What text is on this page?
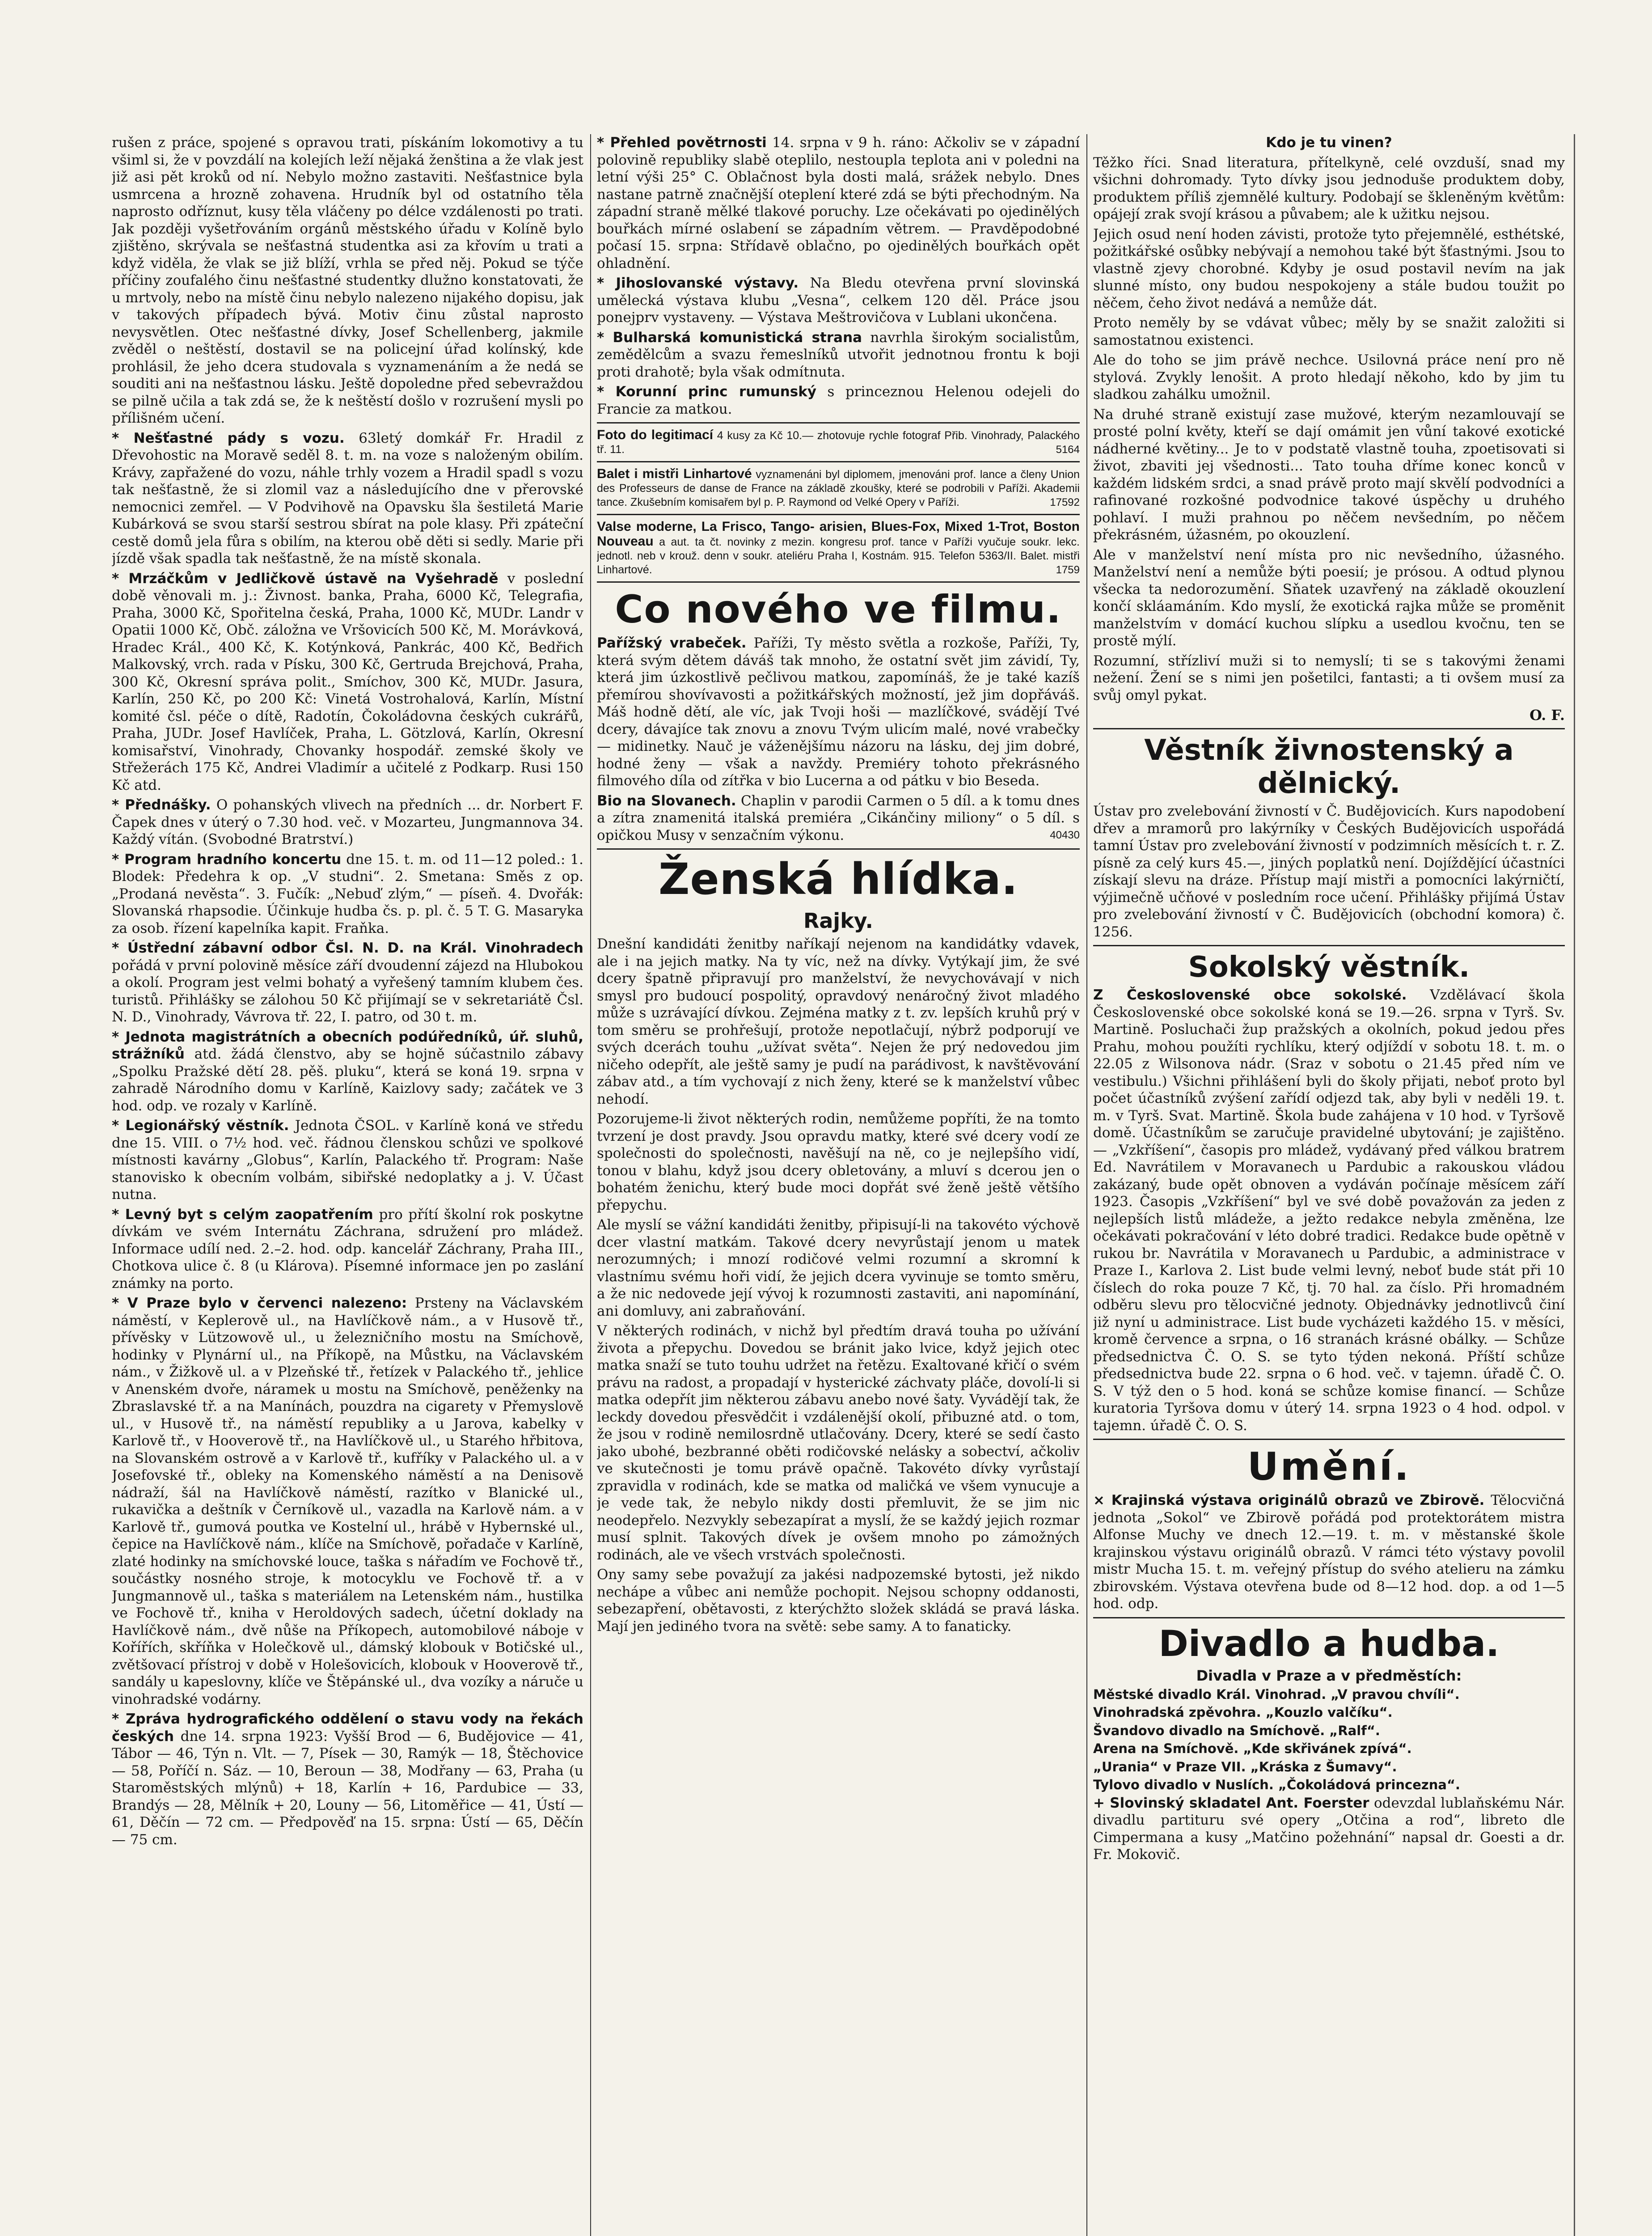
rušen z práce, spojené s opravou trati, pískáním lokomotivy a tu všiml si, že v povzdálí na kolejích leží nějaká ženština a že vlak jest již asi pět kroků od ní. Nebylo možno zastaviti. Nešťastnice byla usmrcena a hrozně zohavena. Hrudník byl od ostatního těla naprosto odříznut, kusy těla vláčeny po délce vzdálenosti po trati. Jak později vyšetřováním orgánů městského úřadu v Kolíně bylo zjištěno, skrývala se nešťastná studentka asi za křovím u trati a když viděla, že vlak se již blíží, vrhla se před něj. Pokud se týče příčiny zoufalého činu nešťastné studentky dlužno konstatovati, že u mrtvoly, nebo na místě činu nebylo nalezeno nijakého dopisu, jak v takových případech bývá. Motiv činu zůstal naprosto nevysvětlen. Otec nešťastné dívky, Josef Schellenberg, jakmile zvěděl o neštěstí, dostavil se na policejní úřad kolínský, kde prohlásil, že jeho dcera studovala s vyznamenáním a že nedá se souditi ani na nešťastnou lásku. Ještě dopoledne před sebevraždou se pilně učila a tak zdá se, že k neštěstí došlo v rozrušení mysli po přílišném učení.

* Nešťastné pády s vozu. 63letý domkář Fr. Hradil z Dřevohostic na Moravě seděl 8. t. m. na voze s naloženým obilím. Krávy, zapřažené do vozu, náhle trhly vozem a Hradil spadl s vozu tak nešťastně, že si zlomil vaz a následujícího dne v přerovské nemocnici zemřel. — V Podvihově na Opavsku šla šestiletá Marie Kubárková se svou starší sestrou sbírat na pole klasy. Při zpáteční cestě domů jela fůra s obilím, na kterou obě děti si sedly. Marie při jízdě však spadla tak nešťastně, že na místě skonala.

* Mrzáčkům v Jedličkově ústavě na Vyšehradě v poslední době věnovali m. j.: Živnost. banka, Praha, 6000 Kč, Telegrafia, Praha, 3000 Kč, Spořitelna česká, Praha, 1000 Kč, MUDr. Landr v Opatii 1000 Kč, Obč. záložna ve Vršovicích 500 Kč, M. Morávková, Hradec Král., 400 Kč, K. Kotýnková, Pankrác, 400 Kč, Bedřich Malkovský, vrch. rada v Písku, 300 Kč, Gertruda Brejchová, Praha, 300 Kč, Okresní správa polit., Smíchov, 300 Kč, MUDr. Jasura, Karlín, 250 Kč, po 200 Kč: Vinetá Vostrohalová, Karlín, Místní komité čsl. péče o dítě, Radotín, Čokoládovna českých cukrářů, Praha, JUDr. Josef Havlíček, Praha, L. Götzlová, Karlín, Okresní komisařství, Vinohrady, Chovanky hospodář. zemské školy ve Střežerách 175 Kč, Andrei Vladimír a učitelé z Podkarp. Rusi 150 Kč atd.

* Přednášky. O pohanských vlivech na předních ... dr. Norbert F. Čapek dnes v úterý o 7.30 hod. več. v Mozarteu, Jungmannova 34. Každý vítán. (Svobodné Bratrství.)

* Program hradního koncertu dne 15. t. m. od 11—12 poled.: 1. Blodek: Předehra k op. „V studni“. 2. Smetana: Směs z op. „Prodaná nevěsta“. 3. Fučík: „Nebuď zlým,“ — píseň. 4. Dvořák: Slovanská rhapsodie. Účinkuje hudba čs. p. pl. č. 5 T. G. Masaryka za osob. řízení kapelníka kapit. Fraňka.

* Ústřední zábavní odbor Čsl. N. D. na Král. Vinohradech pořádá v první polovině měsíce září dvoudenní zájezd na Hlubokou a okolí. Program jest velmi bohatý a vyřešený tamním klubem čes. turistů. Přihlášky se zálohou 50 Kč přijímají se v sekretariátě Čsl. N. D., Vinohrady, Vávrova tř. 22, I. patro, od 30 t. m.

* Jednota magistrátních a obecních podúředníků, úř. sluhů, strážníků atd. žádá členstvo, aby se hojně súčastnilo zábavy „Spolku Pražské dětí 28. pěš. pluku“, která se koná 19. srpna v zahradě Národního domu v Karlíně, Kaizlovy sady; začátek ve 3 hod. odp. ve rozaly v Karlíně.

* Legionářský věstník. Jednota ČSOL. v Karlíně koná ve středu dne 15. VIII. o 7½ hod. več. řádnou členskou schůzi ve spolkové místnosti kavárny „Globus“, Karlín, Palackého tř. Program: Naše stanovisko k obecním volbám, sibiřské nedoplatky a j. V. Účast nutna.

* Levný byt s celým zaopatřením pro přítí školní rok poskytne dívkám ve svém Internátu Záchrana, sdružení pro mládež. Informace udílí ned. 2.–2. hod. odp. kancelář Záchrany, Praha III., Chotkova ulice č. 8 (u Klárova). Písemné informace jen po zaslání známky na porto.

* V Praze bylo v červenci nalezeno: Prsteny na Václavském náměstí, v Keplerově ul., na Havlíčkově nám., a v Husově tř., přívěsky v Lützowově ul., u železničního mostu na Smíchově, hodinky v Plynární ul., na Příkopě, na Můstku, na Václavském nám., v Žižkově ul. a v Plzeňské tř., řetízek v Palackého tř., jehlice v Anenském dvoře, náramek u mostu na Smíchově, peněženky na Zbraslavské tř. a na Manínách, pouzdra na cigarety v Přemyslově ul., v Husově tř., na náměstí republiky a u Jarova, kabelky v Karlově tř., v Hooverově tř., na Havlíčkově ul., u Starého hřbitova, na Slovanském ostrově a v Karlově tř., kufříky v Palackého ul. a v Josefovské tř., obleky na Komenského náměstí a na Denisově nádraží, šál na Havlíčkově náměstí, razítko v Blanické ul., rukavička a deštník v Černíkově ul., vazadla na Karlově nám. a v Karlově tř., gumová poutka ve Kostelní ul., hrábě v Hybernské ul., čepice na Havlíčkově nám., klíče na Smíchově, pořadače v Karlíně, zlaté hodinky na smíchovské louce, taška s nářadím ve Fochově tř., součástky nosného stroje, k motocyklu ve Fochově tř. a v Jungmannově ul., taška s materiálem na Letenském nám., hustilka ve Fochově tř., kniha v Heroldových sadech, účetní doklady na Havlíčkově nám., dvě nůše na Příkopech, automobilové náboje v Kořířích, skříňka v Holečkově ul., dámský klobouk v Botičské ul., zvětšovací přístroj v době v Holešovicích, klobouk v Hooverově tř., sandály u kapeslovny, klíče ve Štěpánské ul., dva vozíky a náruče u vinohradské vodárny.

* Zpráva hydrografického oddělení o stavu vody na řekách českých dne 14. srpna 1923: Vyšší Brod — 6, Budějovice — 41, Tábor — 46, Týn n. Vlt. — 7, Písek — 30, Ramýk — 18, Štěchovice — 58, Poříčí n. Sáz. — 10, Beroun — 38, Modřany — 63, Praha (u Staroměstských mlýnů) + 18, Karlín + 16, Pardubice — 33, Brandýs — 28, Mělník + 20, Louny — 56, Litoměřice — 41, Ústí — 61, Děčín — 72 cm. — Předpověď na 15. srpna: Ústí — 65, Děčín — 75 cm.

* Přehled povětrnosti 14. srpna v 9 h. ráno: Ačkoliv se v západní polovině republiky slabě oteplilo, nestoupla teplota ani v poledni na letní výši 25° C. Oblačnost byla dosti malá, srážek nebylo. Dnes nastane patrně značnější oteplení které zdá se býti přechodným. Na západní straně mělké tlakové poruchy. Lze očekávati po ojedinělých bouřkách mírné oslabení se západním větrem. — Pravděpodobné počasí 15. srpna: Střídavě oblačno, po ojedinělých bouřkách opět ohladnění.

* Jihoslovanské výstavy. Na Bledu otevřena první slovinská umělecká výstava klubu „Vesna“, celkem 120 děl. Práce jsou ponejprv vystaveny. — Výstava Meštrovičova v Lublani ukončena.

* Bulharská komunistická strana navrhla širokým socialistům, zemědělcům a svazu řemeslníků utvořit jednotnou frontu k boji proti drahotě; byla však odmítnuta.

* Korunní princ rumunský s princeznou Helenou odejeli do Francie za matkou.

Foto do legitimací 4 kusy za Kč 10.— zhotovuje rychle fotograf Přib. Vinohrady, Palackého tř. 11.	5164
Balet i mistři Linhartové vyznamenáni byl diplomem, jmenováni prof. lance a členy Union des Professeurs de danse de France na základě zkoušky, které se podrobili v Paříži. Akademii tance. Zkušebním komisařem byl p. P. Raymond od Velké Opery v Paříži.	17592
Valse moderne, La Frisco, Tango- arisien, Blues-Fox, Mixed 1-Trot, Boston Nouveau a aut. ta čt. novinky z mezin. kongresu prof. tance v Paříži vyučuje soukr. lekc. jednotl. neb v krouž. denn v soukr. ateliéru Praha I, Kostnám. 915. Telefon 5363/II. Balet. mistři Linhartové.	1759
Co nového ve filmu.

Pařížský vrabeček. Paříži, Ty město světla a rozkoše, Paříži, Ty, která svým dětem dáváš tak mnoho, že ostatní svět jim závidí, Ty, která jim úzkostlivě pečlivou matkou, zapomínáš, že je také kazíš přemírou shovívavosti a požitkářských možností, jež jim dopřáváš. Máš hodně dětí, ale víc, jak Tvoji hoši — mazlíčkové, svádějí Tvé dcery, dávajíce tak znovu a znovu Tvým ulicím malé, nové vrabečky — midinetky. Nauč je váženějšímu názoru na lásku, dej jim dobré, hodné ženy — však a navždy. Premiéry tohoto překrásného filmového díla od zítřka v bio Lucerna a od pátku v bio Beseda.

Bio na Slovanech. Chaplin v parodii Carmen o 5 díl. a k tomu dnes a zítra znamenitá italská premiéra „Cikánčiny miliony“ o 5 díl. s opičkou Musy v senzačním výkonu.	40430

Ženská hlídka.
Rajky.

Dnešní kandidáti ženitby naříkají nejenom na kandidátky vdavek, ale i na jejich matky. Na ty víc, než na dívky. Vytýkají jim, že své dcery špatně připravují pro manželství, že nevychovávají v nich smysl pro budoucí pospolitý, opravdový nenáročný život mladého může s uzrávající dívkou. Zejména matky z t. zv. lepších kruhů prý v tom směru se prohřešují, protože nepotlačují, nýbrž podporují ve svých dcerách touhu „užívat světa“. Nejen že prý nedovedou jim ničeho odepřít, ale ještě samy je pudí na parádivost, k navštěvování zábav atd., a tím vychovají z nich ženy, které se k manželství vůbec nehodí.

Pozorujeme-li život některých rodin, nemůžeme popříti, že na tomto tvrzení je dost pravdy. Jsou opravdu matky, které své dcery vodí ze společnosti do společnosti, navěšují na ně, co je nejlepšího vidí, tonou v blahu, když jsou dcery obletovány, a mluví s dcerou jen o bohatém ženichu, který bude moci dopřát své ženě ještě většího přepychu.

Ale myslí se vážní kandidáti ženitby, připisují-li na takovéto výchově dcer vlastní matkám. Takové dcery nevyrůstají jenom u matek nerozumných; i mnozí rodičové velmi rozumní a skromní k vlastnímu svému hoři vidí, že jejich dcera vyvinuje se tomto směru, a že nic nedovede její vývoj k rozumnosti zastaviti, ani napomínání, ani domluvy, ani zabraňování.

V některých rodinách, v nichž byl předtím dravá touha po užívání života a přepychu. Dovedou se bránit jako lvice, když jejich otec matka snaží se tuto touhu udržet na řetězu. Exaltované křičí o svém právu na radost, a propadají v hysterické záchvaty pláče, dovolí-li si matka odepřít jim některou zábavu anebo nové šaty. Vyvádějí tak, že leckdy dovedou přesvědčit i vzdálenější okolí, přibuzné atd. o tom, že jsou v rodině nemilosrdně utlačovány. Dcery, které se sedí často jako ubohé, bezbranné oběti rodičovské nelásky a sobectví, ačkoliv ve skutečnosti je tomu právě opačně. Takovéto dívky vyrůstají zpravidla v rodinách, kde se matka od maličká ve všem vynucuje a je vede tak, že nebylo nikdy dosti přemluvit, že se jim nic neodepřelo. Nezvykly sebezapírat a myslí, že se každý jejich rozmar musí splnit. Takových dívek je ovšem mnoho po zámožných rodinách, ale ve všech vrstvách společnosti.

Ony samy sebe považují za jakési nadpozemské bytosti, jež nikdo nechápe a vůbec ani nemůže pochopit. Nejsou schopny oddanosti, sebezapření, obětavosti, z kterýchžto složek skládá se pravá láska. Mají jen jediného tvora na světě: sebe samy. A to fanaticky.

Kdo je tu vinen?

Těžko říci. Snad literatura, přítelkyně, celé ovzduší, snad my všichni dohromady. Tyto dívky jsou jednoduše produktem doby, produktem příliš zjemnělé kultury. Podobají se škleněným květům: opájejí zrak svojí krásou a půvabem; ale k užitku nejsou.

Jejich osud není hoden závisti, protože tyto přejemnělé, esthétské, požitkářské osůbky nebývají a nemohou také být šťastnými. Jsou to vlastně zjevy chorobné. Kdyby je osud postavil nevím na jak slunné místo, ony budou nespokojeny a stále budou toužit po něčem, čeho život nedává a nemůže dát.

Proto neměly by se vdávat vůbec; měly by se snažit založiti si samostatnou existenci.

Ale do toho se jim právě nechce. Usilovná práce není pro ně stylová. Zvykly lenošit. A proto hledají někoho, kdo by jim tu sladkou zahálku umožnil.

Na druhé straně existují zase mužové, kterým nezamlouvají se prosté polní květy, kteří se dají omámit jen vůní takové exotické nádherné květiny... Je to v podstatě vlastně touha, zpoetisovati si život, zbaviti jej všednosti... Tato touha dříme konec konců v každém lidském srdci, a snad právě proto mají skvělí podvodníci a rafinované rozkošné podvodnice takové úspěchy u druhého pohlaví. I muži prahnou po něčem nevšedním, po něčem překrásném, úžasném, po okouzlení.

Ale v manželství není místa pro nic nevšedního, úžasného. Manželství není a nemůže býti poesií; je prósou. A odtud plynou všecka ta nedorozumění. Sňatek uzavřený na základě okouzlení končí skláamáním. Kdo myslí, že exotická rajka může se proměnit manželstvím v domácí kuchou slípku a usedlou kvočnu, ten se prostě mýlí.

Rozumní, střízliví muži si to nemyslí; ti se s takovými ženami nežení. Žení se s nimi jen pošetilci, fantasti; a ti ovšem musí za svůj omyl pykat.

O. F.
Věstník živnostenský a dělnický.

Ústav pro zvelebování živností v Č. Budějovicích. Kurs napodobení dřev a mramorů pro lakýrníky v Českých Budějovicích uspořádá tamní Ústav pro zvelebování živností v podzimních měsících t. r. Z. písně za celý kurs 45.—, jiných poplatků není. Dojíždějící účastníci získají slevu na dráze. Přístup mají mistři a pomocníci lakýrničtí, výjimečně učňové v posledním roce učení. Přihlášky přijímá Ústav pro zvelebování živností v Č. Budějovicích (obchodní komora) č. 1256.

Sokolský věstník.

Z Československé obce sokolské. Vzdělávací škola Československé obce sokolské koná se 19.—26. srpna v Tyrš. Sv. Martině. Posluchači žup pražských a okolních, pokud jedou přes Prahu, mohou použíti rychlíku, který odjíždí v sobotu 18. t. m. o 22.05 z Wilsonova nádr. (Sraz v sobotu o 21.45 před ním ve vestibulu.) Všichni přihlášení byli do školy přijati, neboť proto byl počet účastníků zvýšení zařídí odjezd tak, aby byli v neděli 19. t. m. v Tyrš. Svat. Martině. Škola bude zahájena v 10 hod. v Tyršově domě. Účastníkům se zaručuje pravidelné ubytování; je zajištěno. — „Vzkříšení“, časopis pro mládež, vydávaný před válkou bratrem Ed. Navrátilem v Moravanech u Pardubic a rakouskou vládou zakázaný, bude opět obnoven a vydáván počínaje měsícem září 1923. Časopis „Vzkříšení“ byl ve své době považován za jeden z nejlepších listů mládeže, a ježto redakce nebyla změněna, lze očekávati pokračování v léto dobré tradici. Redakce bude opětně v rukou br. Navrátila v Moravanech u Pardubic, a administrace v Praze I., Karlova 2. List bude velmi levný, neboť bude stát při 10 číslech do roka pouze 7 Kč, tj. 70 hal. za číslo. Při hromadném odběru slevu pro tělocvičné jednoty. Objednávky jednotlivců činí již nyní u administrace. List bude vycházeti každého 15. v měsíci, kromě července a srpna, o 16 stranách krásné obálky. — Schůze předsednictva Č. O. S. se tyto týden nekoná. Příští schůze předsednictva bude 22. srpna o 6 hod. več. v tajemn. úřadě Č. O. S. V týž den o 5 hod. koná se schůze komise financí. — Schůze kuratoria Tyršova domu v úterý 14. srpna 1923 o 4 hod. odpol. v tajemn. úřadě Č. O. S.

Umění.

× Krajinská výstava originálů obrazů ve Zbirově. Tělocvičná jednota „Sokol“ ve Zbirově pořádá pod protektorátem mistra Alfonse Muchy ve dnech 12.—19. t. m. v městanské škole krajinskou výstavu originálů obrazů. V rámci této výstavy povolil mistr Mucha 15. t. m. veřejný přístup do svého atelieru na zámku zbirovském. Výstava otevřena bude od 8—12 hod. dop. a od 1—5 hod. odp.

Divadlo a hudba.
Divadla v Praze a v předměstích:

Městské divadlo Král. Vinohrad. „V pravou chvíli“.

Vinohradská zpěvohra. „Kouzlo valčíku“.

Švandovo divadlo na Smíchově. „Ralf“.

Arena na Smíchově. „Kde skřivánek zpívá“.

„Urania“ v Praze VII. „Kráska z Šumavy“.

Tylovo divadlo v Nuslích. „Čokoládová princezna“.

+ Slovinský skladatel Ant. Foerster odevzdal lublaňskému Nár. divadlu partituru své opery „Otčina a rod“, libreto dle Cimpermana a kusy „Matčino požehnání“ napsal dr. Goesti a dr. Fr. Mokovič.
